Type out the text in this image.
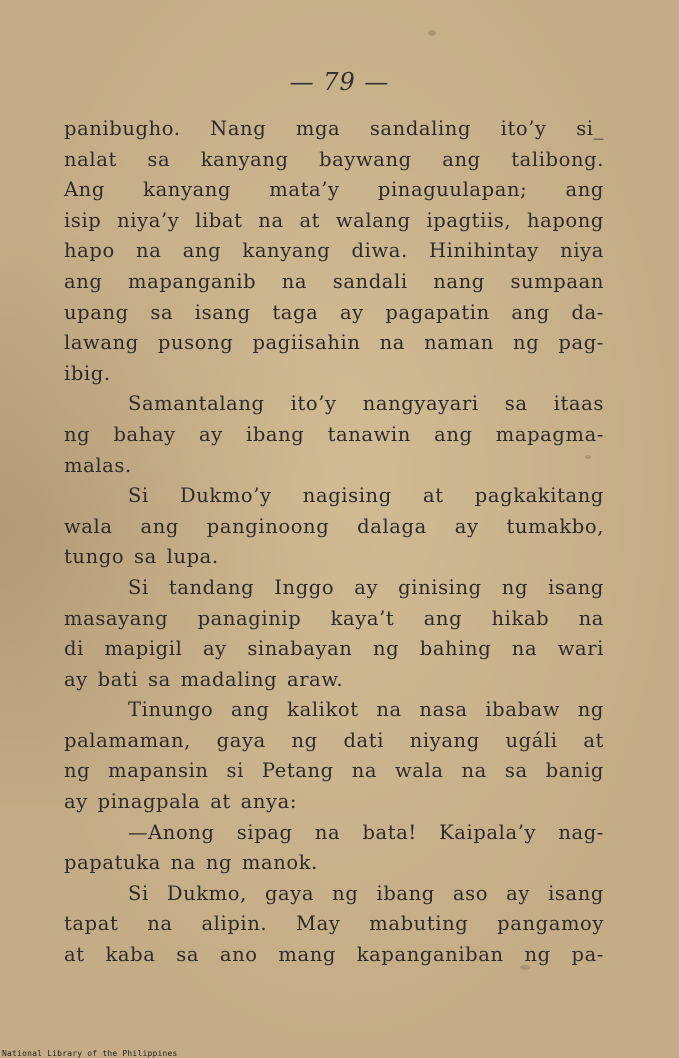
— 79 —
panibugho. Nang mga sandaling ito’y si_
nalat sa kanyang baywang ang talibong.
Ang kanyang mata’y pinaguulapan; ang
isip niya’y libat na at walang ipagtiis, hapong
hapo na ang kanyang diwa. Hinihintay niya
ang mapanganib na sandali nang sumpaan
upang sa isang taga ay pagapatin ang da-
lawang pusong pagiisahin na naman ng pag-
ibig.
Samantalang ito’y nangyayari sa itaas
ng bahay ay ibang tanawin ang mapagma-
malas.
Si Dukmo’y nagising at pagkakitang
wala ang panginoong dalaga ay tumakbo,
tungo sa lupa.
Si tandang Inggo ay ginising ng isang
masayang panaginip kaya’t ang hikab na
di mapigil ay sinabayan ng bahing na wari
ay bati sa madaling araw.
Tinungo ang kalikot na nasa ibabaw ng
palamaman, gaya ng dati niyang ugáli at
ng mapansin si Petang na wala na sa banig
ay pinagpala at anya:
—Anong sipag na bata! Kaipala’y nag-
papatuka na ng manok.
Si Dukmo, gaya ng ibang aso ay isang
tapat na alipin. May mabuting pangamoy
at kaba sa ano mang kapanganiban ng pa-
National Library of the Philippines
